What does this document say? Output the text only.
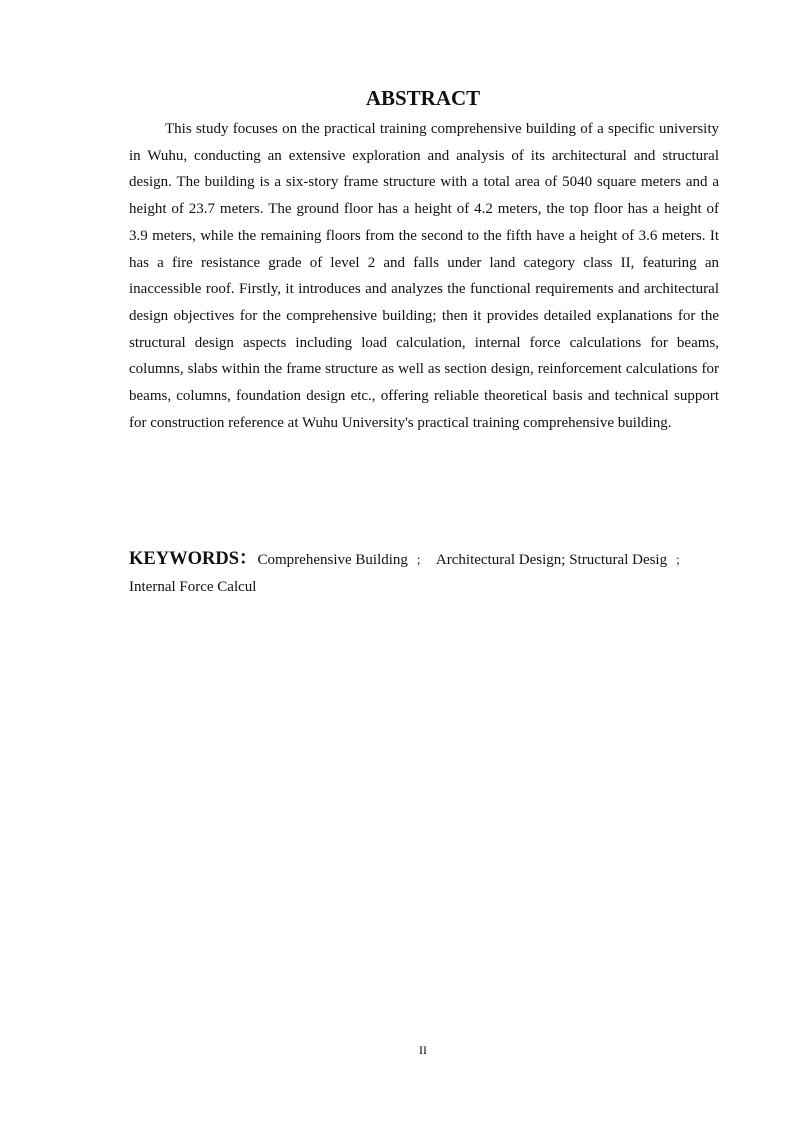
ABSTRACT

This study focuses on the practical training comprehensive building of a specific university in Wuhu, conducting an extensive exploration and analysis of its architectural and structural design. The building is a six-story frame structure with a total area of 5040 square meters and a height of 23.7 meters. The ground floor has a height of 4.2 meters, the top floor has a height of 3.9 meters, while the remaining floors from the second to the fifth have a height of 3.6 meters. It has a fire resistance grade of level 2 and falls under land category class II, featuring an inaccessible roof. Firstly, it introduces and analyzes the functional requirements and architectural design objectives for the comprehensive building; then it provides detailed explanations for the structural design aspects including load calculation, internal force calculations for beams, columns, slabs within the frame structure as well as section design, reinforcement calculations for beams, columns, foundation design etc., offering reliable theoretical basis and technical support for construction reference at Wuhu University's practical training comprehensive building.

KEYWORDS：Comprehensive Building ； Architectural Design; Structural Desig ；Internal Force Calcul

II
